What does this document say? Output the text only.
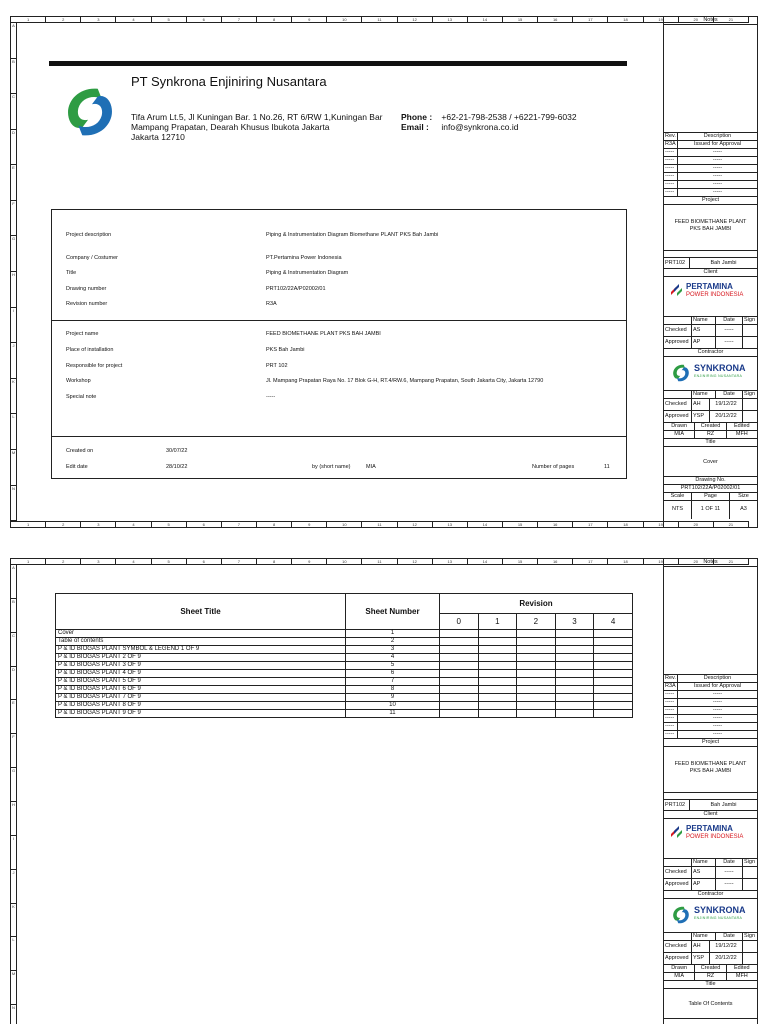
1	2	3	4	5	6	7	8	9	10	11	12	13	14	15	16	17	18	19	20	21
A
B
C
D
E
F
G
H
I
J
K
L
M
N
1	2	3	4	5	6	7	8	9	10	11	12	13	14	15	16	17	18	19	20	21
PT Synkrona Enjiniring Nusantara
Tifa Arum Lt.5, Jl Kuningan Bar. 1 No.26, RT 6/RW 1,Kuningan Bar
Mampang Prapatan, Dearah Khusus Ibukota Jakarta
Jakarta 12710
Phone : +62-21-798-2538 / +6221-799-6032
Email : info@synkrona.co.id
Project description	Piping & Instrumentation Diagram Biomethane PLANT PKS Bah Jambi
Company / Costumer	PT.Pertamina Power Indonesia
Title	Piping & Instrumentation Diagram
Drawing number	PRT102/22A/P02002/01
Revision number	R3A
Project name	FEED BIOMETHANE PLANT PKS BAH JAMBI
Place of installation	PKS Bah Jambi
Responsible for project	PRT 102
Workshop	Jl. Mampang Prapatan Raya No. 17 Blok G-H, RT.4/RW.6, Mampang Prapatan, South Jakarta City, Jakarta 12790
Special note	-----
Created on	30/07/22
Edit date	28/10/22	by (short name)	MIA	Number of pages	11
Notes
Rev.	Description
R3A	Issued for Approval
-----	-----
-----	-----
-----	-----
-----	-----
-----	-----
-----	-----
Project
FEED BIOMETHANE PLANT
PKS BAH JAMBI
PRT102	Bah Jambi
Client
PERTAMINA
POWER INDONESIA
Name	Date	Sign
Checked	AS	-----
Approved AP	-----
Contractor
SYNKRONA
ENJINIRING NUSANTARA
Name	Date	Sign
Checked	AH	19/12/22
Approved YSP	20/12/22
Drawn	Created	Edited
MIA	RZ	MFH
Title
Cover
Drawing No.
PRT102/22A/P02002/01
Scale	Page	Size
NTS	1 OF 11	A3
1	2	3	4	5	6	7	8	9	10	11	12	13	14	15	16	17	18	19	20	21
A
B
C
D
E
F
G
H
I
J
K
L
M
N
Sheet Title	Sheet Number	Revision				
		0	1	2	3	4
Cover	1					
Table of contents	2					
P & ID BIOGAS PLANT SYMBOL & LEGEND 1 OF 9	3					
P & ID BIOGAS PLANT 2 OF 9	4					
P & ID BIOGAS PLANT 3 OF 9	5					
P & ID BIOGAS PLANT 4 OF 9	6					
P & ID BIOGAS PLANT 5 OF 9	7					
P & ID BIOGAS PLANT 6 OF 9	8					
P & ID BIOGAS PLANT 7 OF 9	9					
P & ID BIOGAS PLANT 8 OF 9	10					
P & ID BIOGAS PLANT 9 OF 9	11					
Notes
Rev.	Description
R3A	Issued for Approval
-----	-----
-----	-----
-----	-----
-----	-----
-----	-----
-----	-----
Project
FEED BIOMETHANE PLANT
PKS BAH JAMBI
PRT102	Bah Jambi
Client
PERTAMINA
POWER INDONESIA
Name	Date	Sign
Checked	AS	-----
Approved AP	-----
Contractor
SYNKRONA
ENJINIRING NUSANTARA
Name	Date	Sign
Checked	AH	19/12/22
Approved YSP	20/12/22
Drawn	Created	Edited
MIA	RZ	MFH
Title
Table Of Contents
